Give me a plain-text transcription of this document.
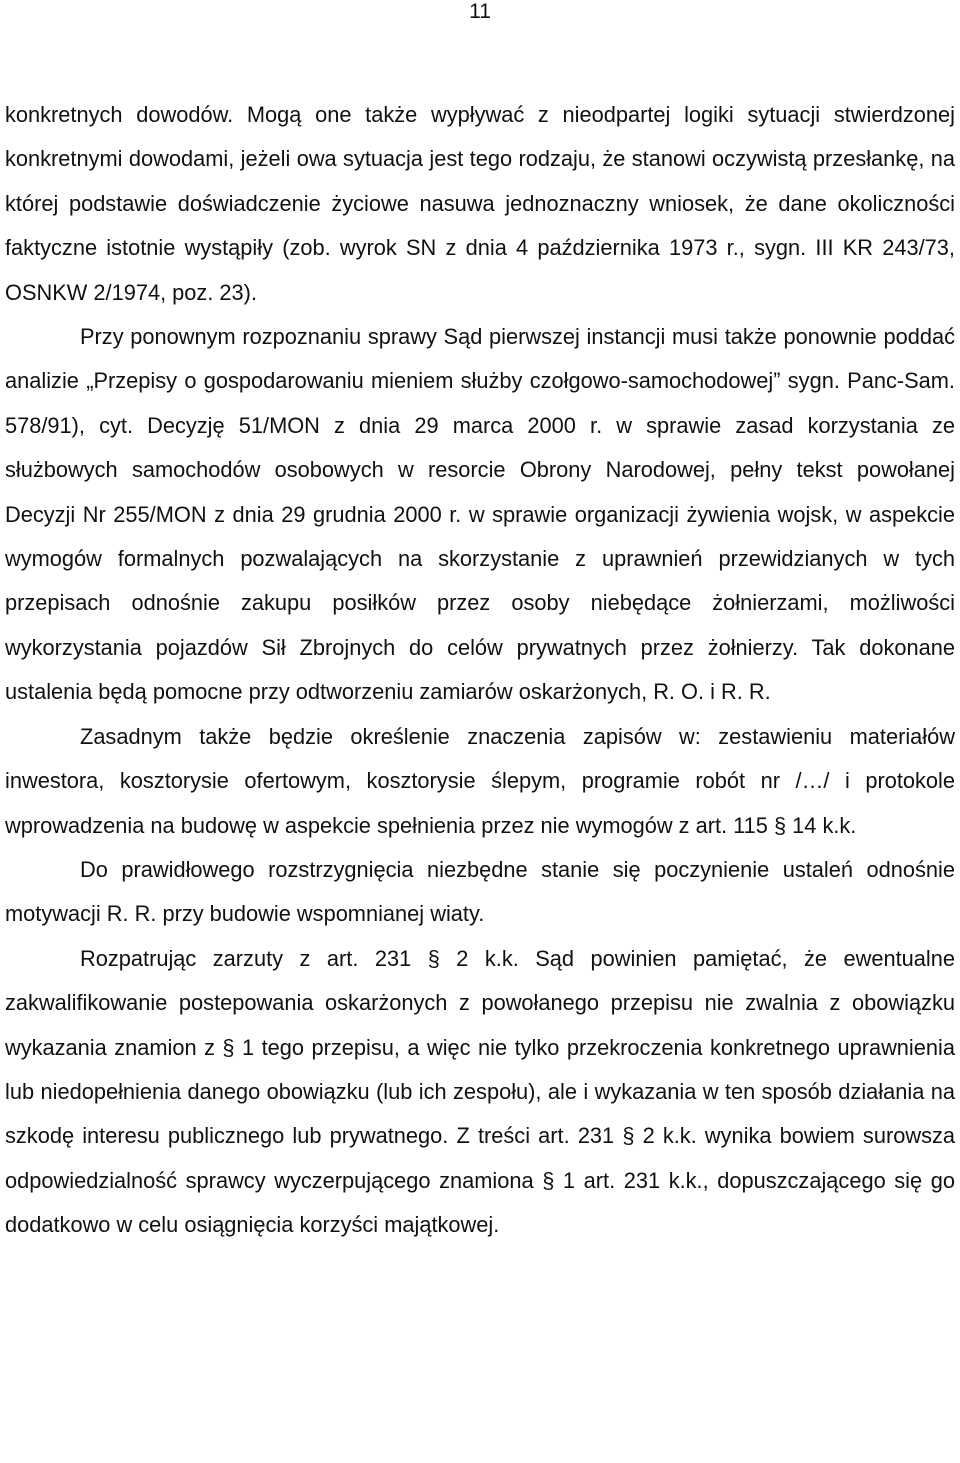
11

konkretnych dowodów. Mogą one także wypływać z nieodpartej logiki sytuacji stwierdzonej konkretnymi dowodami, jeżeli owa sytuacja jest tego rodzaju, że stanowi oczywistą przesłankę, na której podstawie doświadczenie życiowe nasuwa jednoznaczny wniosek, że dane okoliczności faktyczne istotnie wystąpiły (zob. wyrok SN z dnia 4 października 1973 r., sygn. III KR 243/73, OSNKW 2/1974, poz. 23).

Przy ponownym rozpoznaniu sprawy Sąd pierwszej instancji musi także ponownie poddać analizie „Przepisy o gospodarowaniu mieniem służby czołgowo-samochodowej” sygn. Panc-Sam. 578/91), cyt. Decyzję 51/MON z dnia 29 marca 2000 r. w sprawie zasad korzystania ze służbowych samochodów osobowych w resorcie Obrony Narodowej, pełny tekst powołanej Decyzji Nr 255/MON z dnia 29 grudnia 2000 r. w sprawie organizacji żywienia wojsk, w aspekcie wymogów formalnych pozwalających na skorzystanie z uprawnień przewidzianych w tych przepisach odnośnie zakupu posiłków przez osoby niebędące żołnierzami, możliwości wykorzystania pojazdów Sił Zbrojnych do celów prywatnych przez żołnierzy. Tak dokonane ustalenia będą pomocne przy odtworzeniu zamiarów oskarżonych, R. O. i R. R.

Zasadnym także będzie określenie znaczenia zapisów w: zestawieniu materiałów inwestora, kosztorysie ofertowym, kosztorysie ślepym, programie robót nr /…/ i protokole wprowadzenia na budowę w aspekcie spełnienia przez nie wymogów z art. 115 § 14 k.k.

Do prawidłowego rozstrzygnięcia niezbędne stanie się poczynienie ustaleń odnośnie motywacji R. R. przy budowie wspomnianej wiaty.

Rozpatrując zarzuty z art. 231 § 2 k.k. Sąd powinien pamiętać, że ewentualne zakwalifikowanie postepowania oskarżonych z powołanego przepisu nie zwalnia z obowiązku wykazania znamion z § 1 tego przepisu, a więc nie tylko przekroczenia konkretnego uprawnienia lub niedopełnienia danego obowiązku (lub ich zespołu), ale i wykazania w ten sposób działania na szkodę interesu publicznego lub prywatnego. Z treści art. 231 § 2 k.k. wynika bowiem surowsza odpowiedzialność sprawcy wyczerpującego znamiona § 1 art. 231 k.k., dopuszczającego się go dodatkowo w celu osiągnięcia korzyści majątkowej.
